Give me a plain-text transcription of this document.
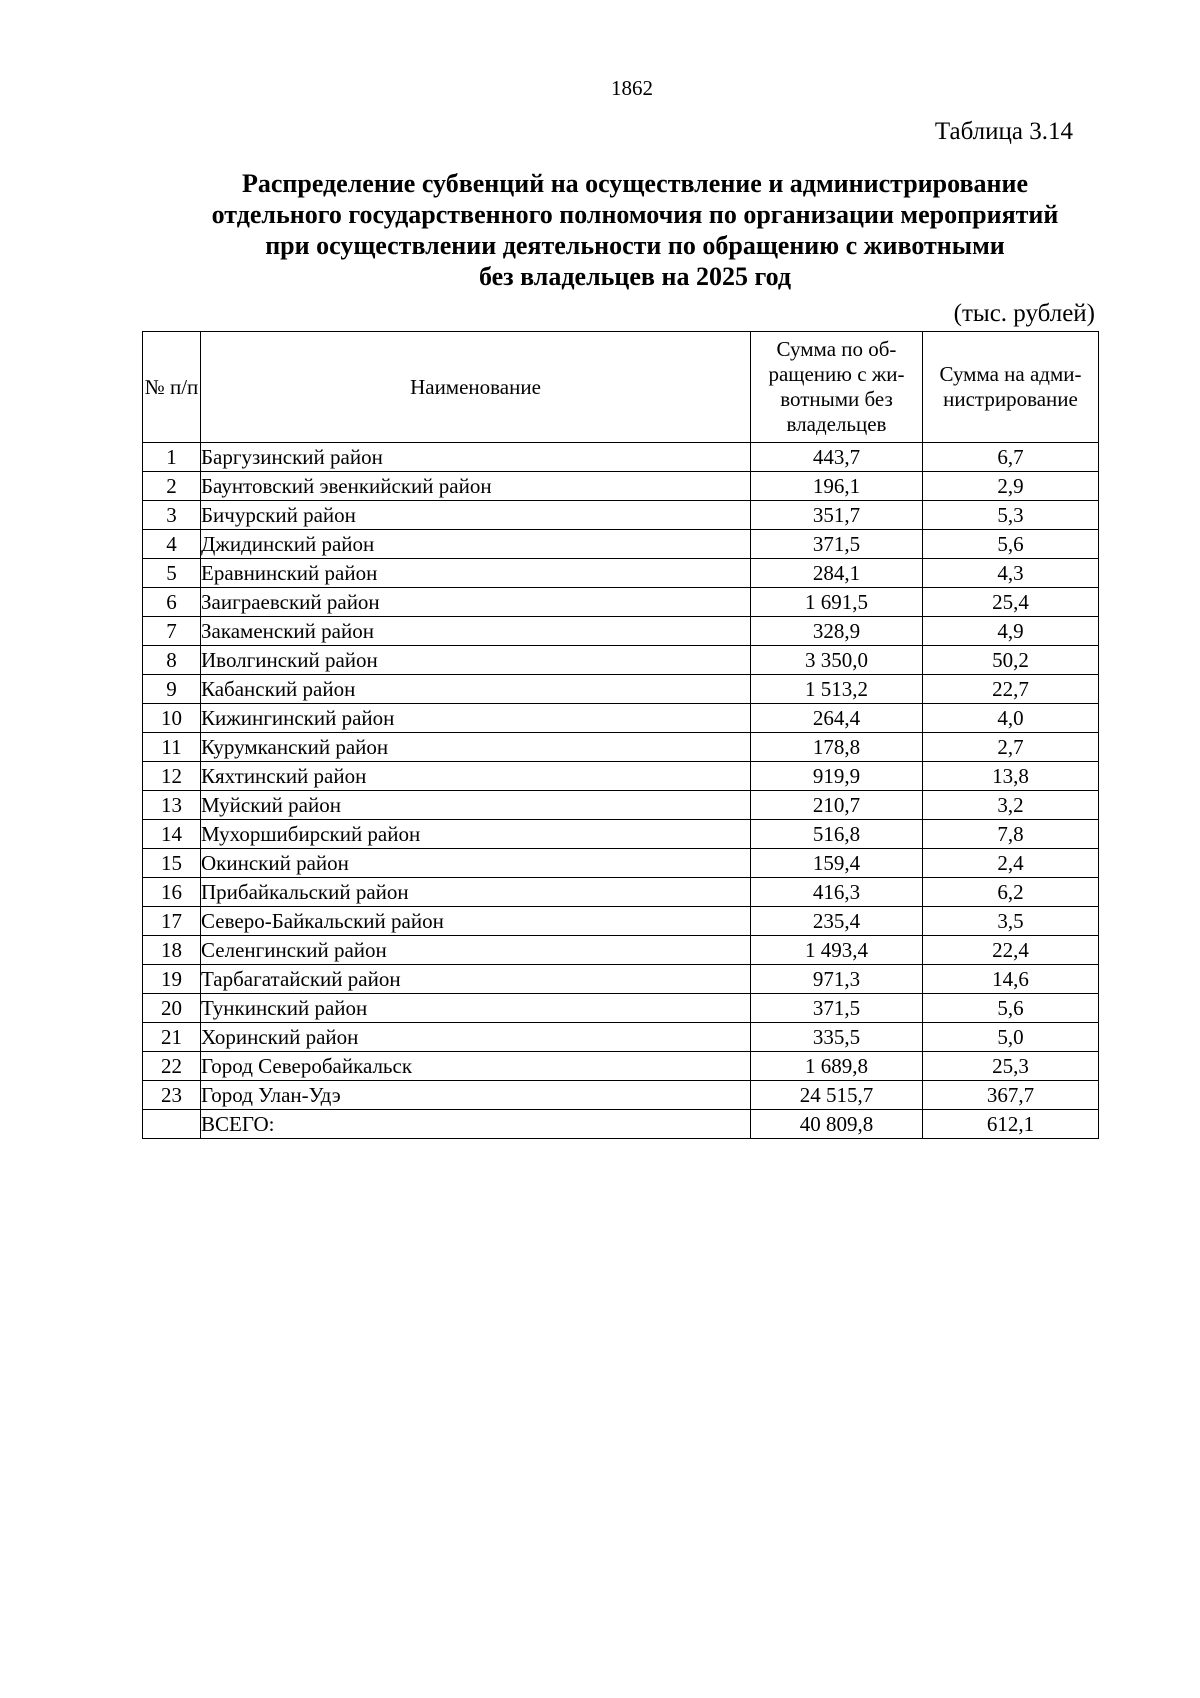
1862
Таблица 3.14
Распределение субвенций на осуществление и администрирование
отдельного государственного полномочия по организации мероприятий
при осуществлении деятельности по обращению с животными
без владельцев на 2025 год
(тыс. рублей)
№ п/п	Наименование	Сумма по об-ращению с жи-вотными без владельцев	Сумма на адми-нистрирование
1	Баргузинский район	443,7	6,7
2	Баунтовский эвенкийский район	196,1	2,9
3	Бичурский район	351,7	5,3
4	Джидинский район	371,5	5,6
5	Еравнинский район	284,1	4,3
6	Заиграевский район	1 691,5	25,4
7	Закаменский район	328,9	4,9
8	Иволгинский район	3 350,0	50,2
9	Кабанский район	1 513,2	22,7
10	Кижингинский район	264,4	4,0
11	Курумканский район	178,8	2,7
12	Кяхтинский район	919,9	13,8
13	Муйский район	210,7	3,2
14	Мухоршибирский район	516,8	7,8
15	Окинский район	159,4	2,4
16	Прибайкальский район	416,3	6,2
17	Северо-Байкальский район	235,4	3,5
18	Селенгинский район	1 493,4	22,4
19	Тарбагатайский район	971,3	14,6
20	Тункинский район	371,5	5,6
21	Хоринский район	335,5	5,0
22	Город Северобайкальск	1 689,8	25,3
23	Город Улан-Удэ	24 515,7	367,7
	ВСЕГО:	40 809,8	612,1
